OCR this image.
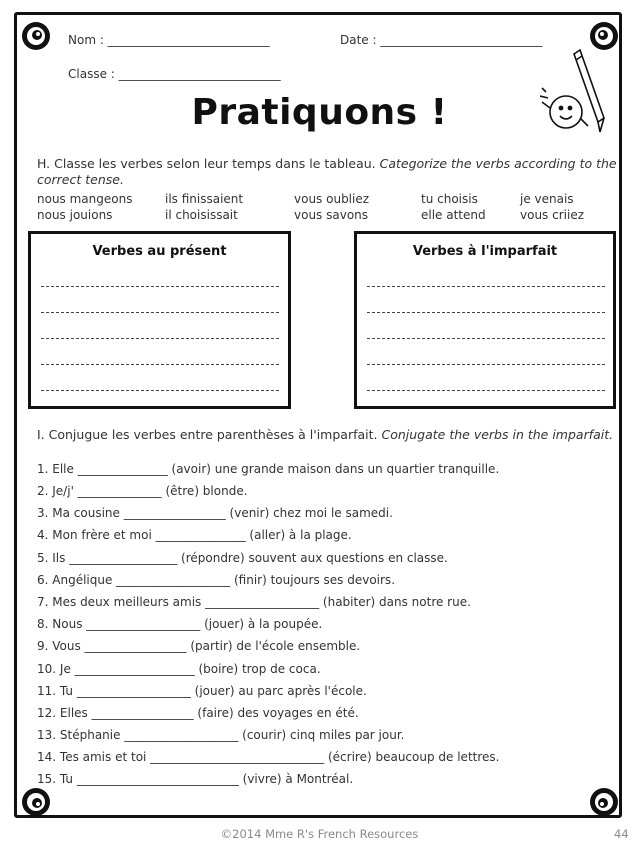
Nom : ___________________________	Date : ___________________________
Classe : ___________________________
Pratiquons !
H. Classe les verbes selon leur temps dans le tableau. Categorize the verbs according to the
correct tense.
nous mangeons	ils finissaient	vous oubliez	tu choisis	je venais
nous jouions	il choisissait	vous savons	elle attend	vous criiez
Verbes au présent	Verbes à l'imparfait
I. Conjugue les verbes entre parenthèses à l'imparfait. Conjugate the verbs in the imparfait.
1. Elle _______________ (avoir) une grande maison dans un quartier tranquille.
2. Je/j' ______________ (être) blonde.
3. Ma cousine _________________ (venir) chez moi le samedi.
4. Mon frère et moi _______________ (aller) à la plage.
5. Ils __________________ (répondre) souvent aux questions en classe.
6. Angélique ___________________ (finir) toujours ses devoirs.
7. Mes deux meilleurs amis ___________________ (habiter) dans notre rue.
8. Nous ___________________ (jouer) à la poupée.
9. Vous _________________ (partir) de l'école ensemble.
10. Je ____________________ (boire) trop de coca.
11. Tu ___________________ (jouer) au parc après l'école.
12. Elles _________________ (faire) des voyages en été.
13. Stéphanie ___________________ (courir) cinq miles par jour.
14. Tes amis et toi _____________________________ (écrire) beaucoup de lettres.
15. Tu ___________________________ (vivre) à Montréal.
©2014 Mme R's French Resources	44
